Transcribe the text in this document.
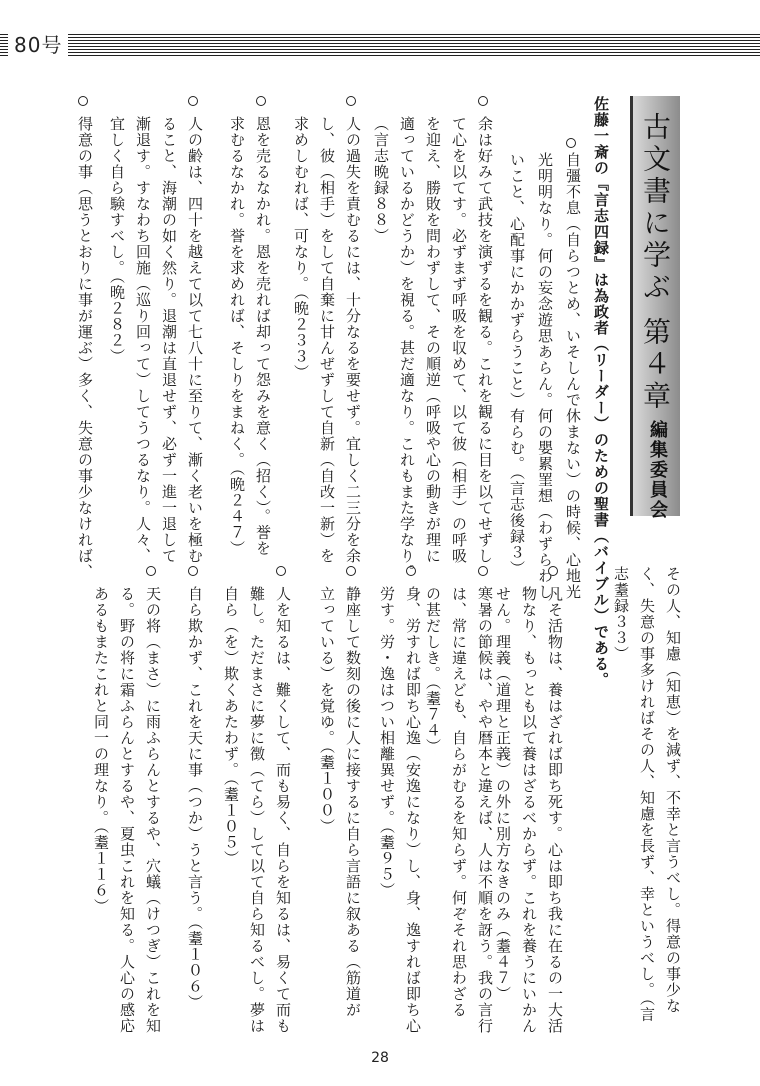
80号
古文書に学ぶ 第４章
編集委員会
佐藤一斎の『言志四録』は為政者（リーダー）のための聖書（バイブル）である。
自彊不息（自らつとめ、いそしんで休まない）の時候、心地光
光明明なり。何の妄念遊思あらん。何の嬰累罣想（わずらわし
いこと、心配事にかかずらうこと）有らむ。（言志後録３）
余は好みて武技を演ずるを観る。これを観るに目を以てせずし
て心を以てす。必ずまず呼吸を収めて、以て彼（相手）の呼吸
を迎え、勝敗を問わずして、その順逆（呼吸や心の動きが理に
適っているかどうか）を視る。甚だ適なり。これもまた学なり。
（言志晩録８８）
人の過失を責むるには、十分なるを要せず。宜しく二三分を余
し、彼（相手）をして自棄に甘んぜずして自新（自改一新）を
求めしむれば、可なり。（晩２３３）
恩を売るなかれ。恩を売れば却って怨みを意く（招く）。誉を
求むるなかれ。誉を求めれば、そしりをまねく。（晩２４７）
人の齢は、四十を越えて以て七八十に至りて、漸く老いを極む
ること、海潮の如く然り。退潮は直退せず、必ず一進一退して
漸退す。すなわち回施（巡り回って）してうつるなり。人々、
宜しく自ら験すべし。（晩２８２）
得意の事（思うとおりに事が運ぶ）多く、失意の事少なければ、
その人、知慮（知恵）を減ず、不幸と言うべし。得意の事少な
く、失意の事多ければその人、知慮を長ず、幸というべし。（言
志耋録３３）
凡そ活物は、養はざれば即ち死す。心は即ち我に在るの一大活
物なり、もっとも以て養はざるべからず。これを養うにいかん
せん。理義（道理と正義）の外に別方なきのみ（耋４７）
寒暑の節候は、やや暦本と違えば、人は不順を訝う。我の言行
は、常に違えども、自らがむるを知らず。何ぞそれ思わざる
の甚だしき。（耋７４）
身、労すれば即ち心逸（安逸になり）し、身、逸すれば即ち心
労す。労・逸はつい相離異せず。（耋９５）
静座して数刻の後に人に接するに自ら言語に叙ある（筋道が
立っている）を覚ゆ。（耋１００）
人を知るは、難くして、而も易く、自らを知るは、易くて而も
難し。ただまさに夢に徴（てら）して以て自ら知るべし。夢は
自ら（を）欺くあたわず。（耋１０５）
自ら欺かず、これを天に事（つか）うと言う。（耋１０６）
天の将（まさ）に雨ふらんとするや、穴蟻（けつぎ）これを知
る。野の将に霜ふらんとするや、夏虫これを知る。人心の感応
あるもまたこれと同一の理なり。（耋１１６）
28
